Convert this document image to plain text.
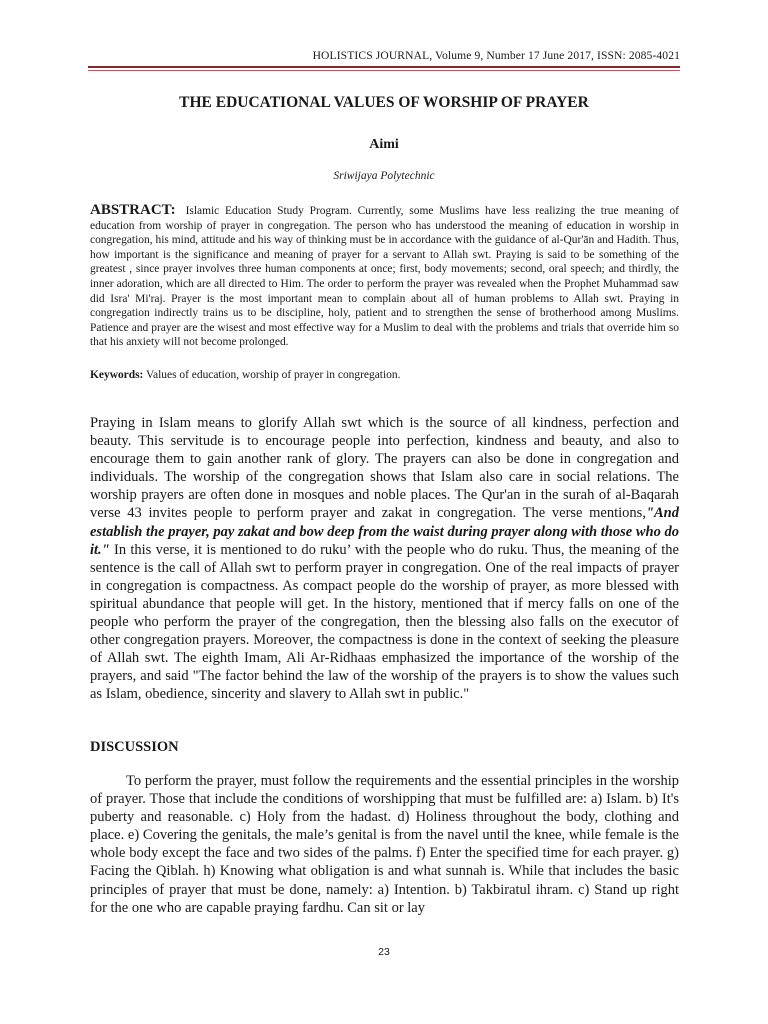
HOLISTICS JOURNAL, Volume 9, Number 17 June 2017, ISSN: 2085-4021
THE EDUCATIONAL VALUES OF WORSHIP OF PRAYER
Aimi
Sriwijaya Polytechnic

ABSTRACT: Islamic Education Study Program. Currently, some Muslims have less realizing the true meaning of education from worship of prayer in congregation. The person who has understood the meaning of education in worship in congregation, his mind, attitude and his way of thinking must be in accordance with the guidance of al-Qur'ān and Hadith. Thus, how important is the significance and meaning of prayer for a servant to Allah swt. Praying is said to be something of the greatest , since prayer involves three human components at once; first, body movements; second, oral speech; and thirdly, the inner adoration, which are all directed to Him. The order to perform the prayer was revealed when the Prophet Muhammad saw did Isra' Mi'raj. Prayer is the most important mean to complain about all of human problems to Allah swt. Praying in congregation indirectly trains us to be discipline, holy, patient and to strengthen the sense of brotherhood among Muslims. Patience and prayer are the wisest and most effective way for a Muslim to deal with the problems and trials that override him so that his anxiety will not become prolonged.

Keywords: Values of education, worship of prayer in congregation.

Praying in Islam means to glorify Allah swt which is the source of all kindness, perfection and beauty. This servitude is to encourage people into perfection, kindness and beauty, and also to encourage them to gain another rank of glory. The prayers can also be done in congregation and individuals. The worship of the congregation shows that Islam also care in social relations. The worship prayers are often done in mosques and noble places. The Qur'an in the surah of al-Baqarah verse 43 invites people to perform prayer and zakat in congregation. The verse mentions,"And establish the prayer, pay zakat and bow deep from the waist during prayer along with those who do it." In this verse, it is mentioned to do ruku’ with the people who do ruku. Thus, the meaning of the sentence is the call of Allah swt to perform prayer in congregation. One of the real impacts of prayer in congregation is compactness. As compact people do the worship of prayer, as more blessed with spiritual abundance that people will get. In the history, mentioned that if mercy falls on one of the people who perform the prayer of the congregation, then the blessing also falls on the executor of other congregation prayers. Moreover, the compactness is done in the context of seeking the pleasure of Allah swt. The eighth Imam, Ali Ar-Ridhaas emphasized the importance of the worship of the prayers, and said "The factor behind the law of the worship of the prayers is to show the values such as Islam, obedience, sincerity and slavery to Allah swt in public."

DISCUSSION

To perform the prayer, must follow the requirements and the essential principles in the worship of prayer. Those that include the conditions of worshipping that must be fulfilled are: a) Islam. b) It's puberty and reasonable. c) Holy from the hadast. d) Holiness throughout the body, clothing and place. e) Covering the genitals, the male’s genital is from the navel until the knee, while female is the whole body except the face and two sides of the palms. f) Enter the specified time for each prayer. g) Facing the Qiblah. h) Knowing what obligation is and what sunnah is. While that includes the basic principles of prayer that must be done, namely: a) Intention. b) Takbiratul ihram. c) Stand up right for the one who are capable praying fardhu. Can sit or lay

23
